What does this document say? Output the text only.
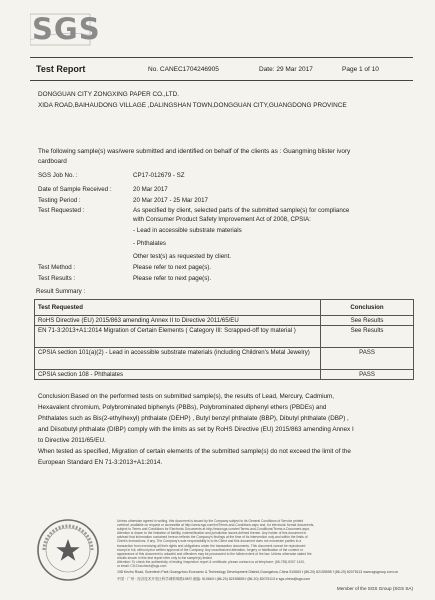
SGS
Test Report	No. CANEC1704246905	Date: 29 Mar 2017	Page 1 of 10
DONGGUAN CITY ZONGXING PAPER CO.,LTD.
XIDA ROAD,BAIHAUDONG VILLAGE ,DALINGSHAN TOWN,DONGGUAN CITY,GUANGDONG PROVINCE
The following sample(s) was/were submitted and identified on behalf of the clients as : Guangming blister ivory
cardboard
SGS Job No. :	CP17-012679 - SZ
Date of Sample Received :	20 Mar 2017
Testing Period :	20 Mar 2017 - 25 Mar 2017
Test Requested :	As specified by client, selected parts of the submitted sample(s) for compliance
with Consumer Product Safety Improvement Act of 2008, CPSIA:
- Lead in accessible substrate materials
- Phthalates
Other test(s) as requested by client.
Test Method :	Please refer to next page(s).
Test Results :	Please refer to next page(s).
Result Summary :
Test Requested	Conclusion
RoHS Directive (EU) 2015/863 amending Annex II to Directive 2011/65/EU	See Results
EN 71-3:2013+A1:2014 Migration of Certain Elements ( Category III: Scrapped-off toy material )	See Results
CPSIA section 101(a)(2) - Lead in accessible substrate materials (including Children's Metal Jewelry)	PASS
CPSIA section 108 - Phthalates	PASS
Conclusion:Based on the performed tests on submitted sample(s), the results of Lead, Mercury, Cadmium,
Hexavalent chromium, Polybrominated biphenyls (PBBs), Polybrominated diphenyl ethers (PBDEs) and
Phthalates such as Bis(2-ethylhexyl) phthalate (DEHP) , Butyl benzyl phthalate (BBP), Dibutyl phthalate (DBP) ,
and Diisobutyl phthalate (DIBP) comply with the limits as set by RoHS Directive (EU) 2015/863 amending Annex I
to Directive 2011/65/EU.
When tested as specified, Migration of certain elements of the submitted sample(s) do not exceed the limit of the
European Standard EN 71-3:2013+A1:2014.
Unless otherwise agreed in writing, this document is issued by the Company subject to its General Conditions of Service printed
overleaf, available on request or accessible at http://www.sgs.com/en/Terms-and-Conditions.aspx and, for electronic format documents,
subject to Terms and Conditions for Electronic Documents at http://www.sgs.com/en/Terms-and-Conditions/Terms-e-Document.aspx.
Attention is drawn to the limitation of liability, indemnification and jurisdiction issues defined therein. Any holder of this document is
advised that information contained hereon reflects the Company's findings at the time of its intervention only and within the limits of
Client's instructions, if any. The Company's sole responsibility is to its Client and this document does not exonerate parties to a
transaction from exercising all their rights and obligations under the transaction documents. This document cannot be reproduced
except in full, without prior written approval of the Company. Any unauthorized alteration, forgery or falsification of the content or
appearance of this document is unlawful and offenders may be prosecuted to the fullest extent of the law. Unless otherwise stated the
results shown in this test report refer only to the sample(s) tested.
Attention: To check the authenticity of testing /inspection report & certificate, please contact us at telephone: (86-755) 8307 1443,
or email: CN.Doccheck@sgs.com
198 Kezhu Road, Scientech Park Guangzhou Economic & Technology Development District,Guangzhou,China 510663 t (86-20) 82155555 f (86-20) 82075113 www.sgsgroup.com.cn
中国 · 广州 · 经济技术开发区科学城科珠路198号 邮编: 510663 t (86-20) 82155555 f (86-20) 82075113 e sgs.china@sgs.com
Member of the SGS Group (SGS SA)
